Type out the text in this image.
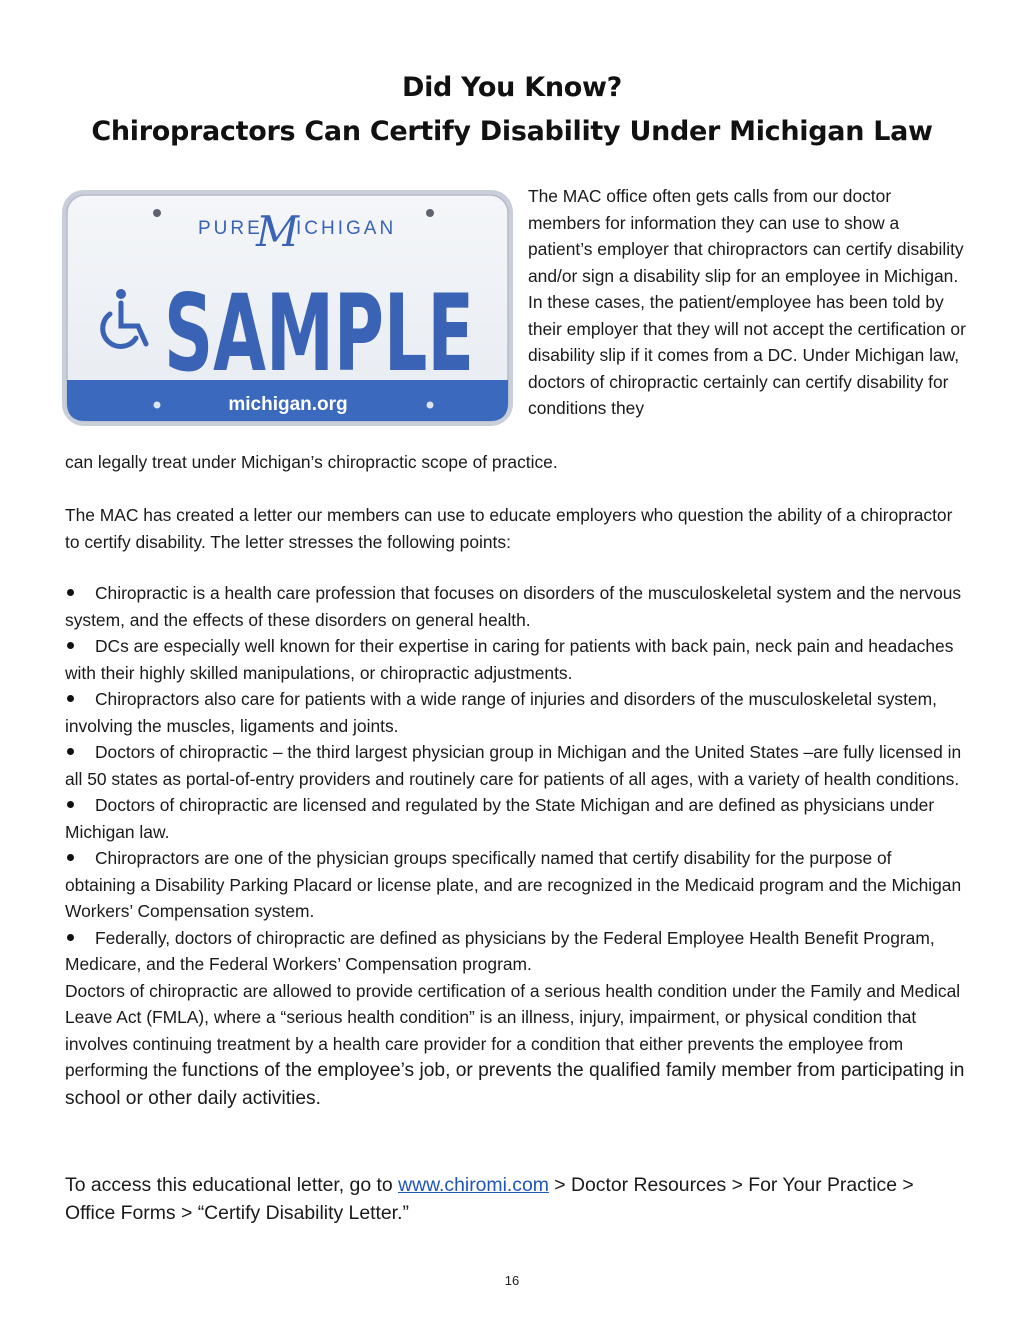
Did You Know?
Chiropractors Can Certify Disability Under Michigan Law
PURE
M
ICHIGAN
SAMPLE
michigan.org
The MAC office often gets calls from our doctor members for information they can use to show a patient’s employer that chiropractors can certify disability and/or sign a disability slip for an employee in Michigan. In these cases, the patient/employee has been told by their employer that they will not accept the certification or disability slip if it comes from a DC. Under Michigan law, doctors of chiropractic certainly can certify disability for conditions they
can legally treat under Michigan’s chiropractic scope of practice.
The MAC has created a letter our members can use to educate employers who question the ability of a chiropractor to certify disability. The letter stresses the following points:

Chiropractic is a health care profession that focuses on disorders of the musculoskeletal system and the nervous system, and the effects of these disorders on general health.

DCs are especially well known for their expertise in caring for patients with back pain, neck pain and headaches with their highly skilled manipulations, or chiropractic adjustments.

Chiropractors also care for patients with a wide range of injuries and disorders of the musculoskeletal system, involving the muscles, ligaments and joints.

Doctors of chiropractic – the third largest physician group in Michigan and the United States –are fully licensed in all 50 states as portal-of-entry providers and routinely care for patients of all ages, with a variety of health conditions.

Doctors of chiropractic are licensed and regulated by the State Michigan and are defined as physicians under Michigan law.

Chiropractors are one of the physician groups specifically named that certify disability for the purpose of obtaining a Disability Parking Placard or license plate, and are recognized in the Medicaid program and the Michigan Workers’ Compensation system.

Federally, doctors of chiropractic are defined as physicians by the Federal Employee Health Benefit Program, Medicare, and the Federal Workers’ Compensation program.

Doctors of chiropractic are allowed to provide certification of a serious health condition under the Family and Medical Leave Act (FMLA), where a “serious health condition” is an illness, injury, impairment, or physical condition that involves continuing treatment by a health care provider for a condition that either prevents the employee from performing the functions of the employee’s job, or prevents the qualified family member from participating in school or other daily activities.

To access this educational letter, go to www.chiromi.com > Doctor Resources > For Your Practice > Office Forms > “Certify Disability Letter.”
16
